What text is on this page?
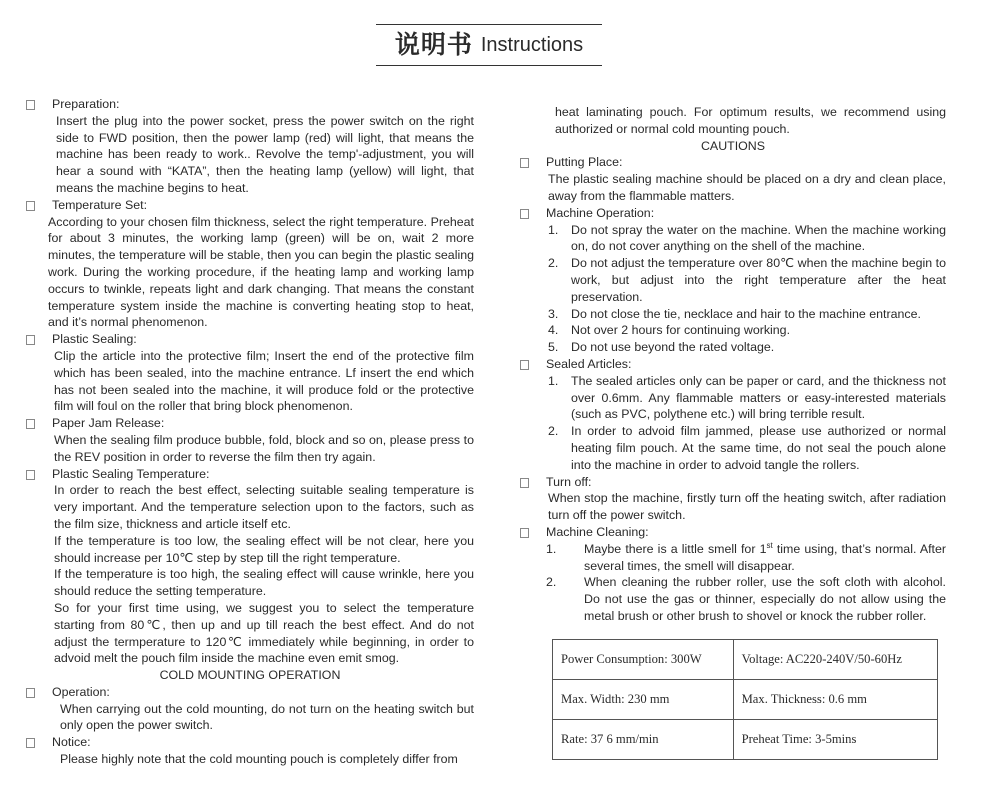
说明书 Instructions
Preparation:
Insert the plug into the power socket, press the power switch on the right side to FWD position, then the power lamp (red) will light, that means the machine has been ready to work.. Revolve the temp'-adjustment, you will hear a sound with “KATA”, then the heating lamp (yellow) will light, that means the machine begins to heat.
Temperature Set:
According to your chosen film thickness, select the right temperature. Preheat for about 3 minutes, the working lamp (green) will be on, wait 2 more minutes, the temperature will be stable, then you can begin the plastic sealing work. During the working procedure, if the heating lamp and working lamp occurs to twinkle, repeats light and dark changing. That means the constant temperature system inside the machine is converting heating stop to heat, and it’s normal phenomenon.
Plastic Sealing:
Clip the article into the protective film; Insert the end of the protective film which has been sealed, into the machine entrance. Lf insert the end which has not been sealed into the machine, it will produce fold or the protective film will foul on the roller that bring block phenomenon.
Paper Jam Release:
When the sealing film produce bubble, fold, block and so on, please press to the REV position in order to reverse the film then try again.
Plastic Sealing Temperature:
In order to reach the best effect, selecting suitable sealing temperature is very important. And the temperature selection upon to the factors, such as the film size, thickness and article itself etc.
If the temperature is too low, the sealing effect will be not clear, here you should increase per 10℃ step by step till the right temperature.
If the temperature is too high, the sealing effect will cause wrinkle, here you should reduce the setting temperature.
So for your first time using, we suggest you to select the temperature starting from 80℃, then up and up till reach the best effect. And do not adjust the termperature to 120℃ immediately while beginning, in order to advoid melt the pouch film inside the machine even emit smog.
COLD MOUNTING OPERATION
Operation:
When carrying out the cold mounting, do not turn on the heating switch but only open the power switch.
Notice:
Please highly note that the cold mounting pouch is completely differ from
heat laminating pouch. For optimum results, we recommend using authorized or normal cold mounting pouch.
CAUTIONS
Putting Place:
The plastic sealing machine should be placed on a dry and clean place, away from the flammable matters.
Machine Operation:
1. Do not spray the water on the machine. When the machine working on, do not cover anything on the shell of the machine.
2. Do not adjust the temperature over 80℃ when the machine begin to work, but adjust into the right temperature after the heat preservation.
3. Do not close the tie, necklace and hair to the machine entrance.
4. Not over 2 hours for continuing working.
5. Do not use beyond the rated voltage.
Sealed Articles:
1. The sealed articles only can be paper or card, and the thickness not over 0.6mm. Any flammable matters or easy-interested materials (such as PVC, polythene etc.) will bring terrible result.
2. In order to advoid film jammed, please use authorized or normal heating film pouch. At the same time, do not seal the pouch alone into the machine in order to advoid tangle the rollers.
Turn off:
When stop the machine, firstly turn off the heating switch, after radiation turn off the power switch.
Machine Cleaning:
1. Maybe there is a little smell for 1st time using, that’s normal. After several times, the smell will disappear.
2. When cleaning the rubber roller, use the soft cloth with alcohol. Do not use the gas or thinner, especially do not allow using the metal brush or other brush to shovel or knock the rubber roller.
Power Consumption: 300W	Voltage: AC220-240V/50-60Hz
Max. Width: 230 mm	Max. Thickness: 0.6 mm
Rate: 37 6 mm/min	Preheat Time: 3-5mins
